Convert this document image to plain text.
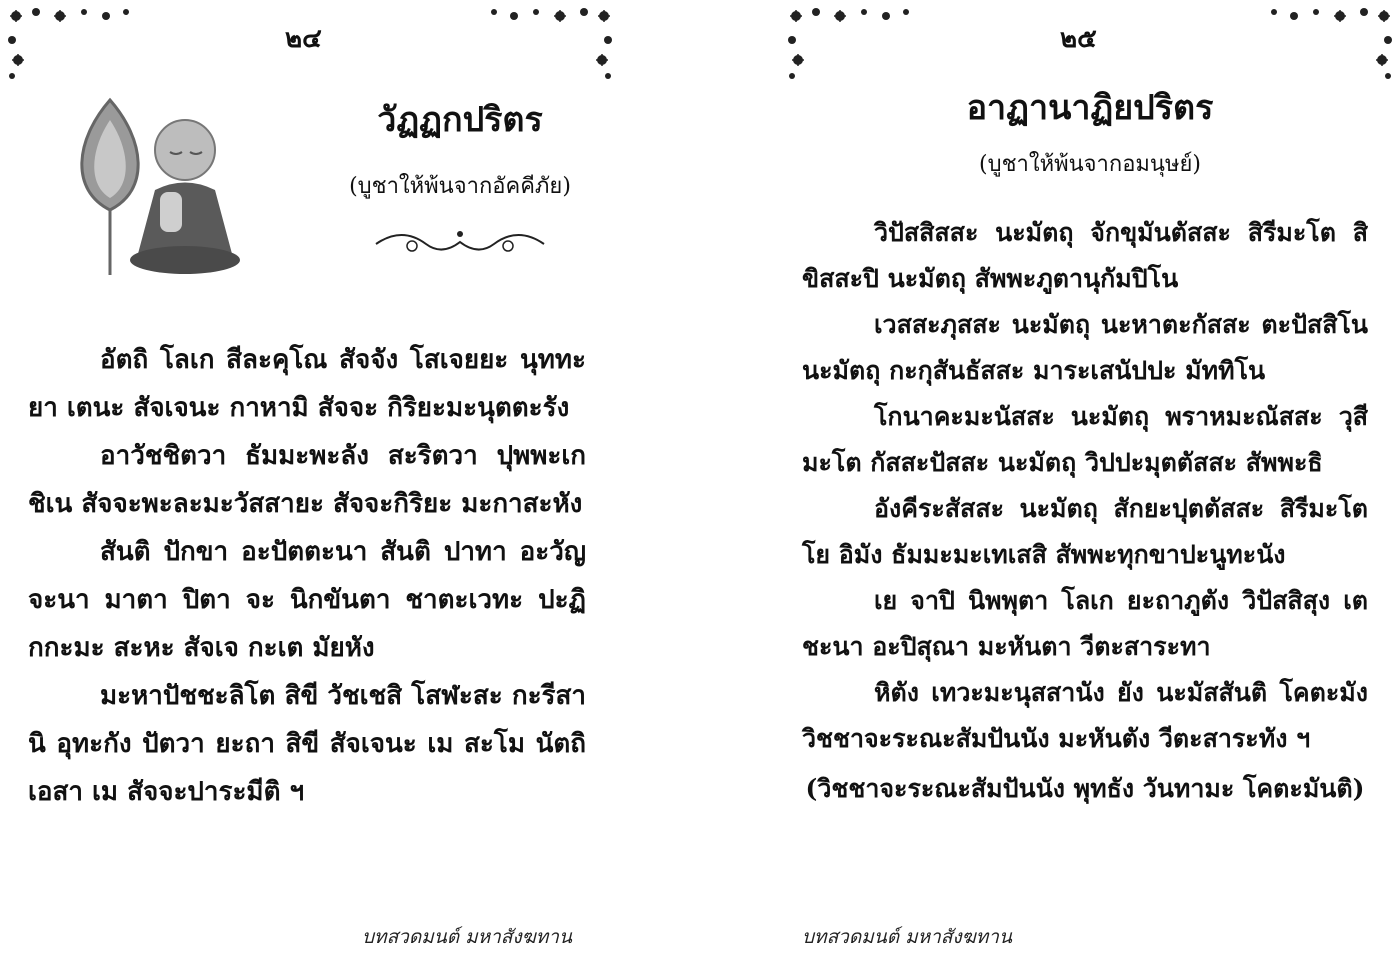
๒๔
วัฏฏกปริตร
(บูชาให้พ้นจากอัคคีภัย)

อัตถิ โลเก สีละคุโณ สัจจัง โสเจยยะ นุททะยา เตนะ สัจเจนะ กาหามิ สัจจะ กิริยะมะนุตตะรัง

อาวัชชิตวา ธัมมะพะลัง สะริตวา ปุพพะเก ชิเน สัจจะพะละมะวัสสายะ สัจจะกิริยะ มะกาสะหัง

สันติ ปักขา อะปัตตะนา สันติ ปาทา อะวัญจะนา มาตา ปิตา จะ นิกขันตา ชาตะเวทะ ปะฏิกกะมะ สะหะ สัจเจ กะเต มัยหัง

มะหาปัชชะลิโต สิขี วัชเชสิ โสฬะสะ กะรีสานิ อุทะกัง ปัตวา ยะถา สิขี สัจเจนะ เม สะโม นัตถิ เอสา เม สัจจะปาระมีติ ฯ

บทสวดมนต์ มหาสังฆทาน
๒๕
อาฏานาฏิยปริตร
(บูชาให้พ้นจากอมนุษย์)

วิปัสสิสสะ นะมัตถุ จักขุมันตัสสะ สิรีมะโต สิขิสสะปิ นะมัตถุ สัพพะภูตานุกัมปิโน

เวสสะภุสสะ นะมัตถุ นะหาตะกัสสะ ตะปัสสิโน นะมัตถุ กะกุสันธัสสะ มาระเสนัปปะ มัททิโน

โกนาคะมะนัสสะ นะมัตถุ พราหมะณัสสะ วุสีมะโต กัสสะปัสสะ นะมัตถุ วิปปะมุตตัสสะ สัพพะธิ

อังคีระสัสสะ นะมัตถุ สักยะปุตตัสสะ สิรีมะโต โย อิมัง ธัมมะมะเทเสสิ สัพพะทุกขาปะนูทะนัง

เย จาปิ นิพพุตา โลเก ยะถาภูตัง วิปัสสิสุง เต ชะนา อะปิสุณา มะหันตา วีตะสาระทา

หิตัง เทวะมะนุสสานัง ยัง นะมัสสันติ โคตะมัง วิชชาจะระณะสัมปันนัง มะหันตัง วีตะสาระทัง ฯ

(วิชชาจะระณะสัมปันนัง พุทธัง วันทามะ โคตะมันติ)

บทสวดมนต์ มหาสังฆทาน
